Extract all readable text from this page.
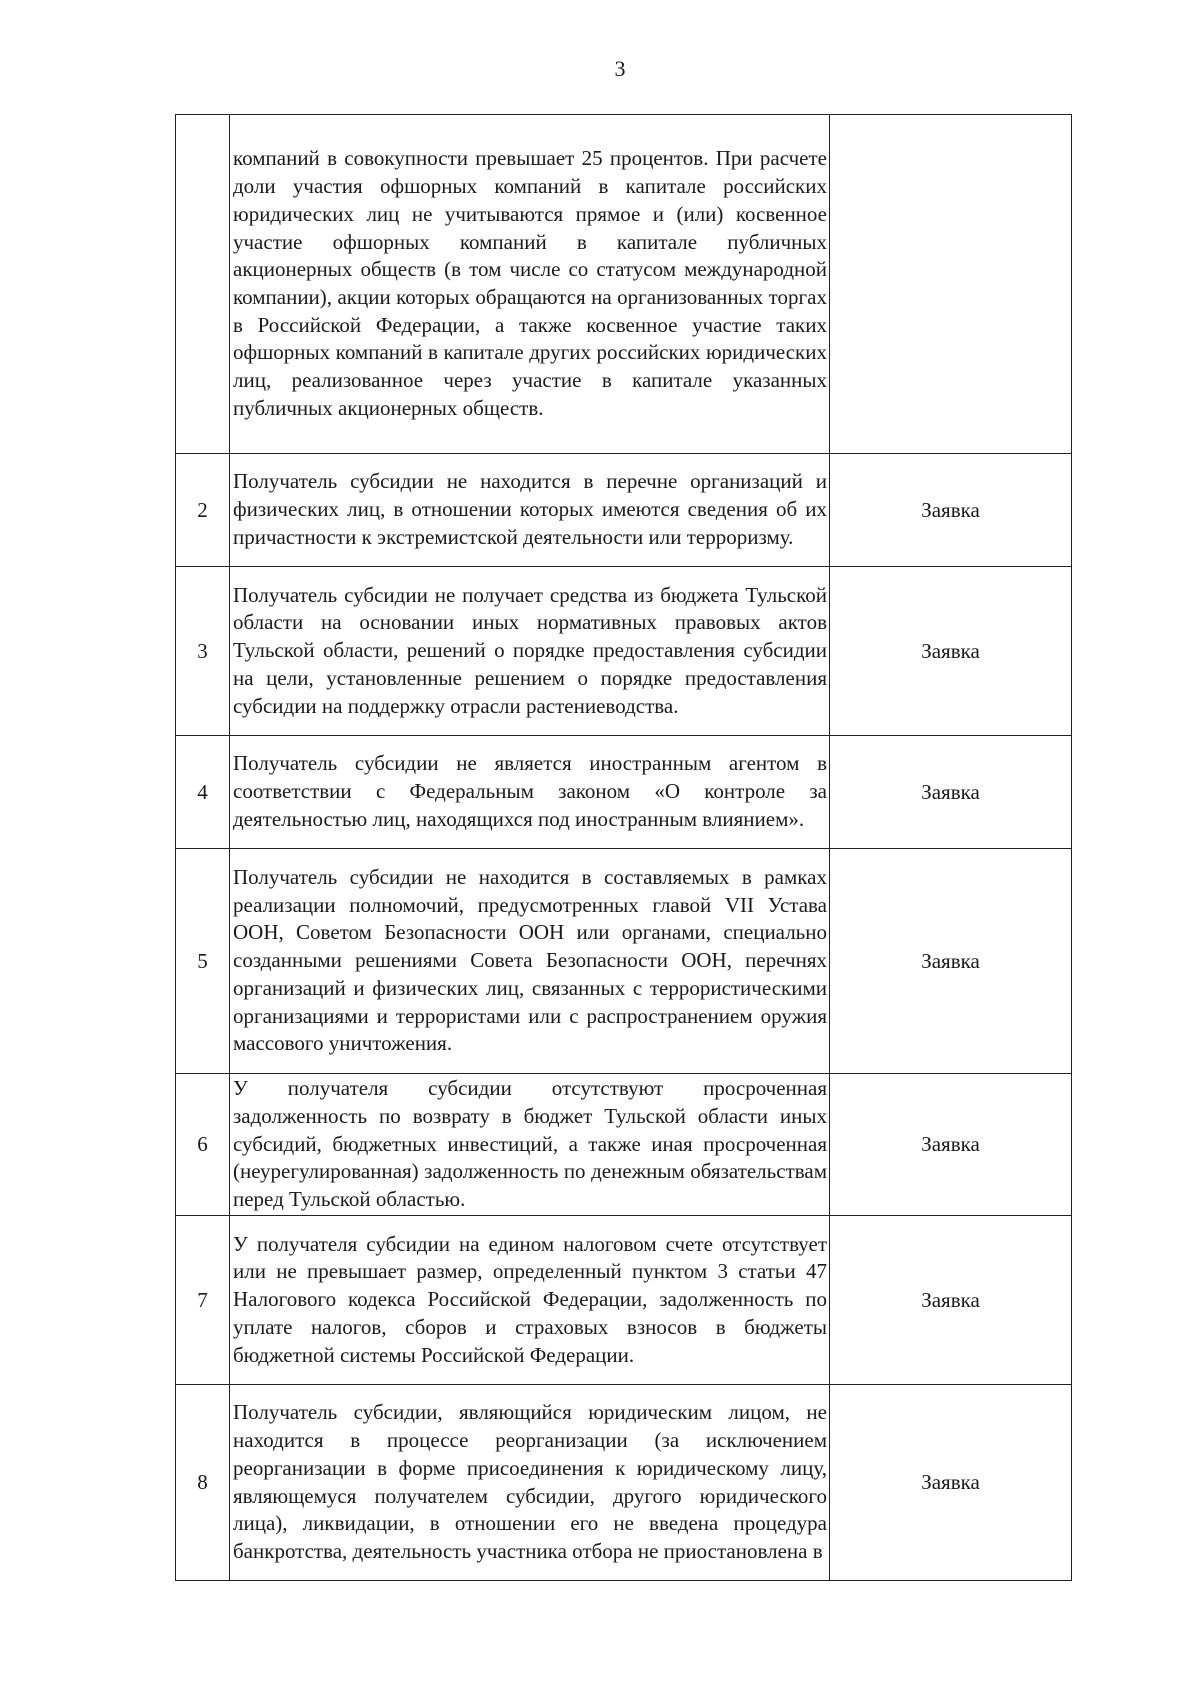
3
	компаний в совокупности превышает 25 процентов. При расчете доли участия офшорных компаний в капитале российских юридических лиц не учитываются прямое и (или) косвенное участие офшорных компаний в капитале публичных акционерных обществ (в том числе со статусом международной компании), акции которых обращаются на организованных торгах в Российской Федерации, а также косвенное участие таких офшорных компаний в капитале других российских юридических лиц, реализованное через участие в капитале указанных публичных акционерных обществ.	
2	Получатель субсидии не находится в перечне организаций и физических лиц, в отношении которых имеются сведения об их причастности к экстремистской деятельности или терроризму.	Заявка
3	Получатель субсидии не получает средства из бюджета Тульской области на основании иных нормативных правовых актов Тульской области, решений о порядке предоставления субсидии на цели, установленные решением о порядке предоставления субсидии на поддержку отрасли растениеводства.	Заявка
4	Получатель субсидии не является иностранным агентом в соответствии с Федеральным законом «О контроле за деятельностью лиц, находящихся под иностранным влиянием».	Заявка
5	Получатель субсидии не находится в составляемых в рамках реализации полномочий, предусмотренных главой VII Устава ООН, Советом Безопасности ООН или органами, специально созданными решениями Совета Безопасности ООН, перечнях организаций и физических лиц, связанных с террористическими организациями и террористами или с распространением оружия массового уничтожения.	Заявка
6	У получателя субсидии отсутствуют просроченная задолженность по возврату в бюджет Тульской области иных субсидий, бюджетных инвестиций, а также иная просроченная (неурегулированная) задолженность по денежным обязательствам перед Тульской областью.	Заявка
7	У получателя субсидии на едином налоговом счете отсутствует или не превышает размер, определенный пунктом 3 статьи 47 Налогового кодекса Российской Федерации, задолженность по уплате налогов, сборов и страховых взносов в бюджеты бюджетной системы Российской Федерации.	Заявка
8	Получатель субсидии, являющийся юридическим лицом, не находится в процессе реорганизации (за исключением реорганизации в форме присоединения к юридическому лицу, являющемуся получателем субсидии, другого юридического лица), ликвидации, в отношении его не введена процедура банкротства, деятельность участника отбора не приостановлена в	Заявка
